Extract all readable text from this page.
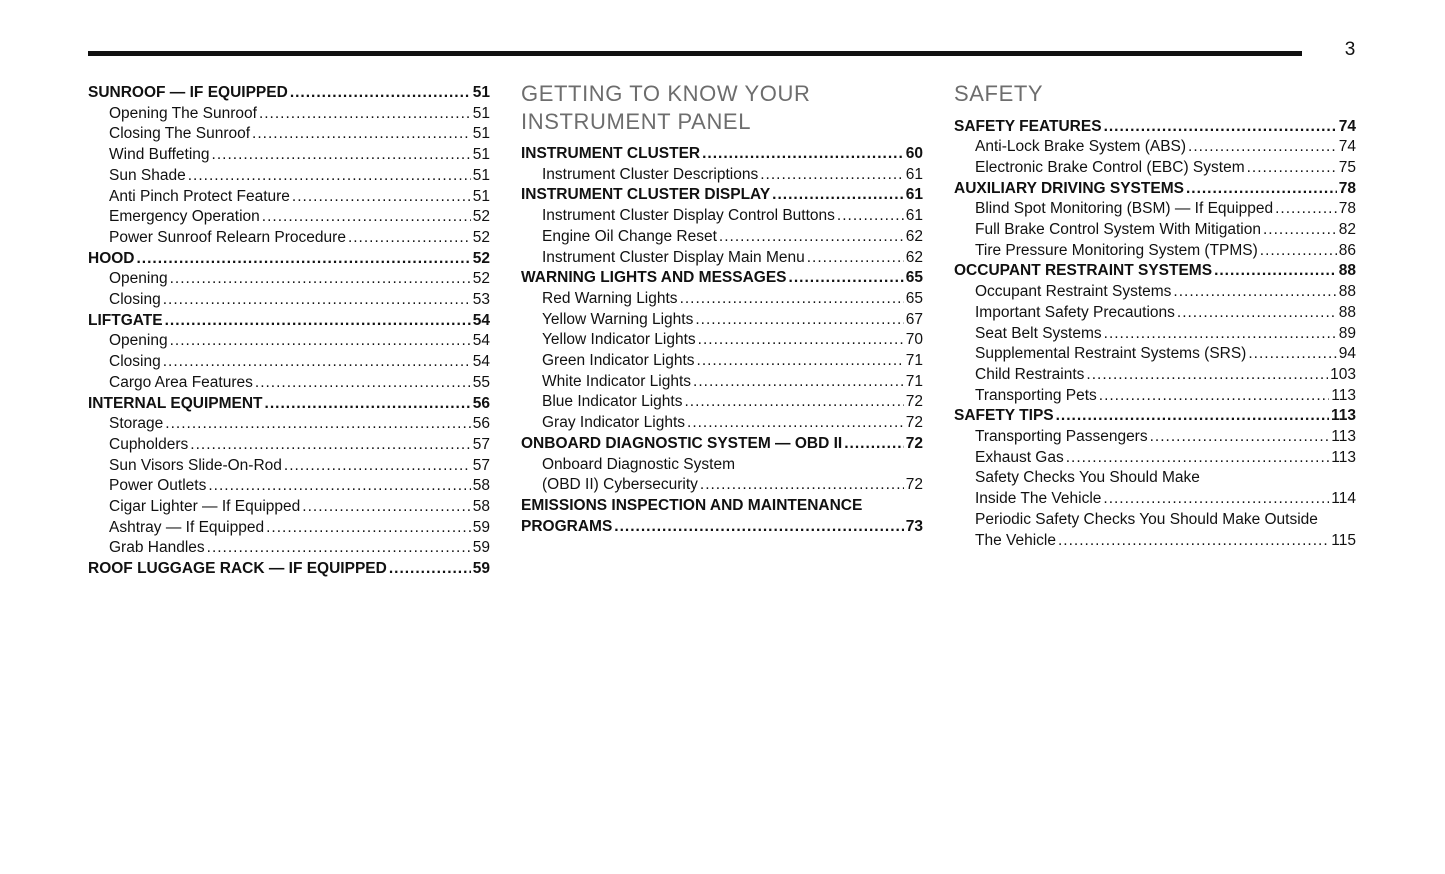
3
SUNROOF — IF EQUIPPED .....	51
Opening The Sunroof .....	51
Closing The Sunroof .....	51
Wind Buffeting .....	51
Sun Shade .....	51
Anti Pinch Protect Feature .....	51
Emergency Operation .....	52
Power Sunroof Relearn Procedure .....	52
HOOD .....	52
Opening .....	52
Closing .....	53
LIFTGATE .....	54
Opening .....	54
Closing .....	54
Cargo Area Features .....	55
INTERNAL EQUIPMENT .....	56
Storage .....	56
Cupholders .....	57
Sun Visors Slide-On-Rod .....	57
Power Outlets .....	58
Cigar Lighter — If Equipped .....	58
Ashtray — If Equipped .....	59
Grab Handles .....	59
ROOF LUGGAGE RACK — IF EQUIPPED .....	59
GETTING TO KNOW YOUR
INSTRUMENT PANEL
INSTRUMENT CLUSTER .....	60
Instrument Cluster Descriptions .....	61
INSTRUMENT CLUSTER DISPLAY .....	61
Instrument Cluster Display Control Buttons .....	61
Engine Oil Change Reset .....	62
Instrument Cluster Display Main Menu .....	62
WARNING LIGHTS AND MESSAGES .....	65
Red Warning Lights .....	65
Yellow Warning Lights .....	67
Yellow Indicator Lights .....	70
Green Indicator Lights .....	71
White Indicator Lights .....	71
Blue Indicator Lights .....	72
Gray Indicator Lights .....	72
ONBOARD DIAGNOSTIC SYSTEM — OBD II .....	72
Onboard Diagnostic System
(OBD II) Cybersecurity .....	72
EMISSIONS INSPECTION AND MAINTENANCE
PROGRAMS .....	73
SAFETY
SAFETY FEATURES .....	74
Anti-Lock Brake System (ABS) .....	74
Electronic Brake Control (EBC) System .....	75
AUXILIARY DRIVING SYSTEMS .....	78
Blind Spot Monitoring (BSM) — If Equipped .....	78
Full Brake Control System With Mitigation .....	82
Tire Pressure Monitoring System (TPMS) .....	86
OCCUPANT RESTRAINT SYSTEMS .....	88
Occupant Restraint Systems .....	88
Important Safety Precautions .....	88
Seat Belt Systems .....	89
Supplemental Restraint Systems (SRS) .....	94
Child Restraints .....	103
Transporting Pets .....	113
SAFETY TIPS .....	113
Transporting Passengers .....	113
Exhaust Gas .....	113
Safety Checks You Should Make
Inside The Vehicle .....	114
Periodic Safety Checks You Should Make Outside
The Vehicle .....	115
